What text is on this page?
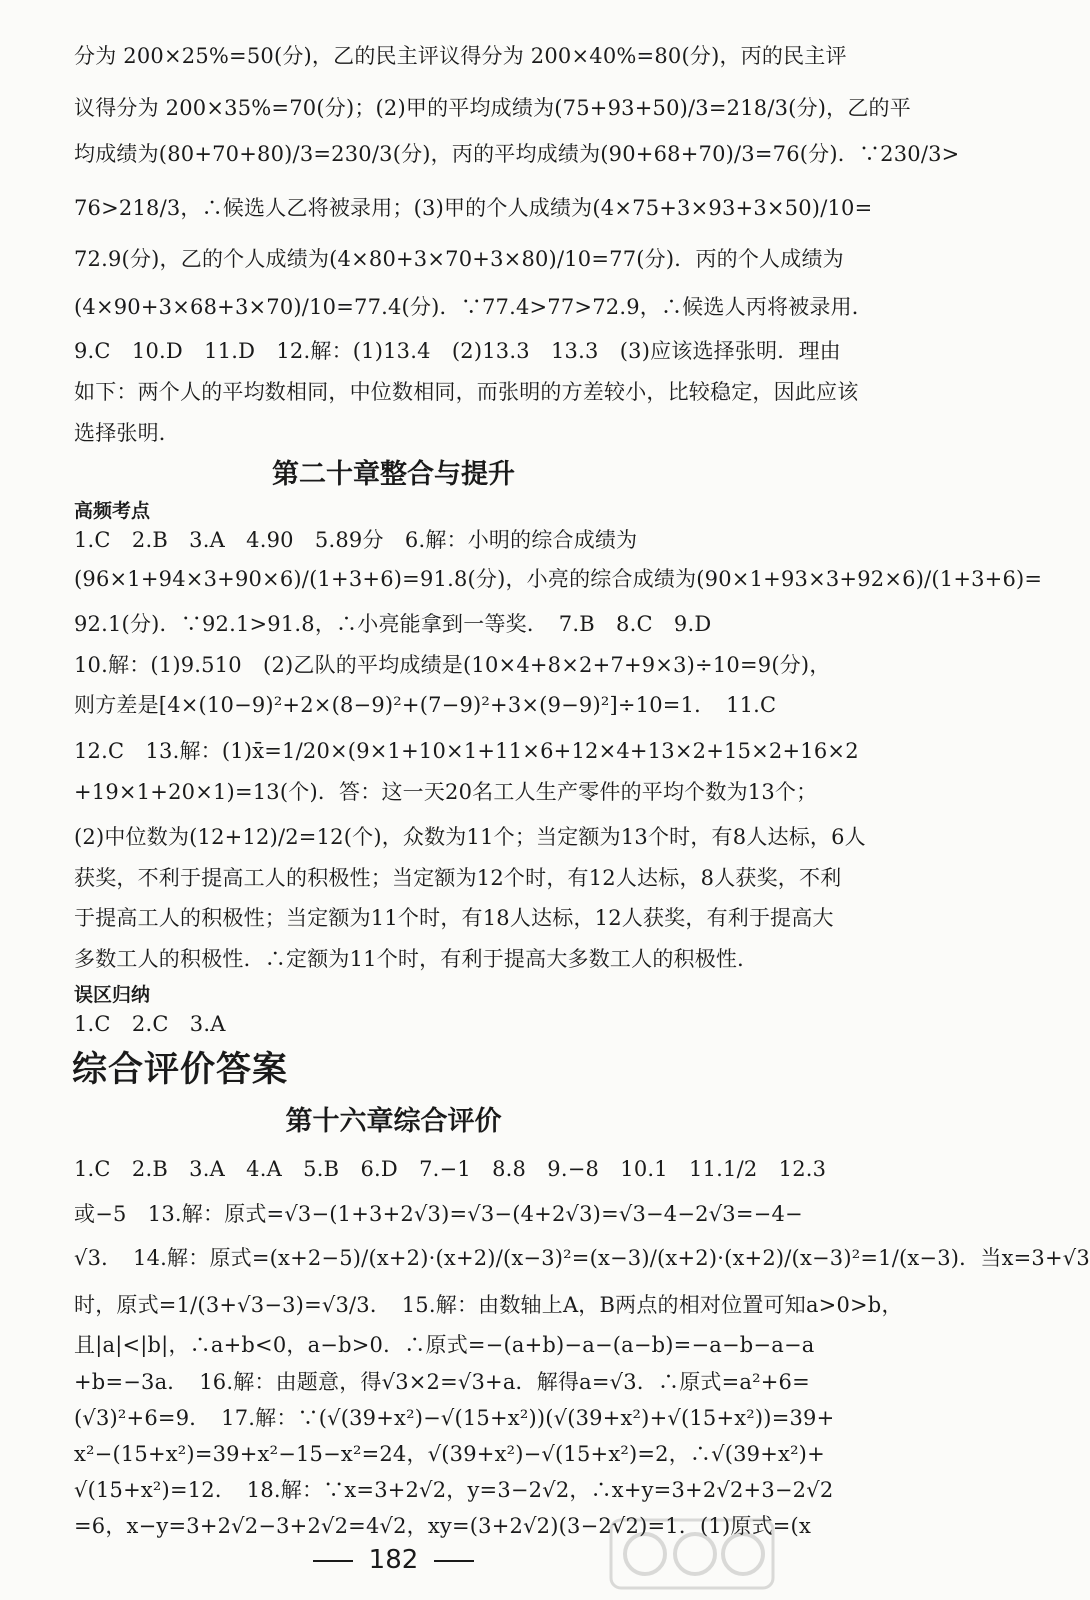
分为 200×25%=50(分)，乙的民主评议得分为 200×40%=80(分)，丙的民主评
议得分为 200×35%=70(分)；(2)甲的平均成绩为(75+93+50)/3=218/3(分)，乙的平
均成绩为(80+70+80)/3=230/3(分)，丙的平均成绩为(90+68+70)/3=76(分)．∵230/3>
76>218/3，∴候选人乙将被录用；(3)甲的个人成绩为(4×75+3×93+3×50)/10=
72.9(分)，乙的个人成绩为(4×80+3×70+3×80)/10=77(分)．丙的个人成绩为
(4×90+3×68+3×70)/10=77.4(分)．∵77.4>77>72.9，∴候选人丙将被录用．
9.C　10.D　11.D　12.解：(1)13.4　(2)13.3　13.3　(3)应该选择张明．理由
如下：两个人的平均数相同，中位数相同，而张明的方差较小，比较稳定，因此应该
选择张明．
第二十章整合与提升
高频考点
1.C　2.B　3.A　4.90　5.89分　6.解：小明的综合成绩为
(96×1+94×3+90×6)/(1+3+6)=91.8(分)，小亮的综合成绩为(90×1+93×3+92×6)/(1+3+6)=
92.1(分)．∵92.1>91.8，∴小亮能拿到一等奖．　7.B　8.C　9.D
10.解：(1)9.510　(2)乙队的平均成绩是(10×4+8×2+7+9×3)÷10=9(分)，
则方差是[4×(10−9)²+2×(8−9)²+(7−9)²+3×(9−9)²]÷10=1．　11.C
12.C　13.解：(1)x̄=1/20×(9×1+10×1+11×6+12×4+13×2+15×2+16×2
+19×1+20×1)=13(个)．答：这一天20名工人生产零件的平均个数为13个；
(2)中位数为(12+12)/2=12(个)，众数为11个；当定额为13个时，有8人达标，6人
获奖，不利于提高工人的积极性；当定额为12个时，有12人达标，8人获奖，不利
于提高工人的积极性；当定额为11个时，有18人达标，12人获奖，有利于提高大
多数工人的积极性．∴定额为11个时，有利于提高大多数工人的积极性．
误区归纳
1.C　2.C　3.A
综合评价答案
第十六章综合评价
1.C　2.B　3.A　4.A　5.B　6.D　7.−1　8.8　9.−8　10.1　11.1/2　12.3
或−5　13.解：原式=√3−(1+3+2√3)=√3−(4+2√3)=√3−4−2√3=−4−
√3．　14.解：原式=(x+2−5)/(x+2)·(x+2)/(x−3)²=(x−3)/(x+2)·(x+2)/(x−3)²=1/(x−3)．当x=3+√3
时，原式=1/(3+√3−3)=√3/3．　15.解：由数轴上A，B两点的相对位置可知a>0>b，
且|a|<|b|，∴a+b<0，a−b>0．∴原式=−(a+b)−a−(a−b)=−a−b−a−a
+b=−3a．　16.解：由题意，得√3×2=√3+a．解得a=√3．∴原式=a²+6=
(√3)²+6=9．　17.解：∵(√(39+x²)−√(15+x²))(√(39+x²)+√(15+x²))=39+
x²−(15+x²)=39+x²−15−x²=24，√(39+x²)−√(15+x²)=2，∴√(39+x²)+
√(15+x²)=12．　18.解：∵x=3+2√2，y=3−2√2，∴x+y=3+2√2+3−2√2
=6，x−y=3+2√2−3+2√2=4√2，xy=(3+2√2)(3−2√2)=1．(1)原式=(x
182
